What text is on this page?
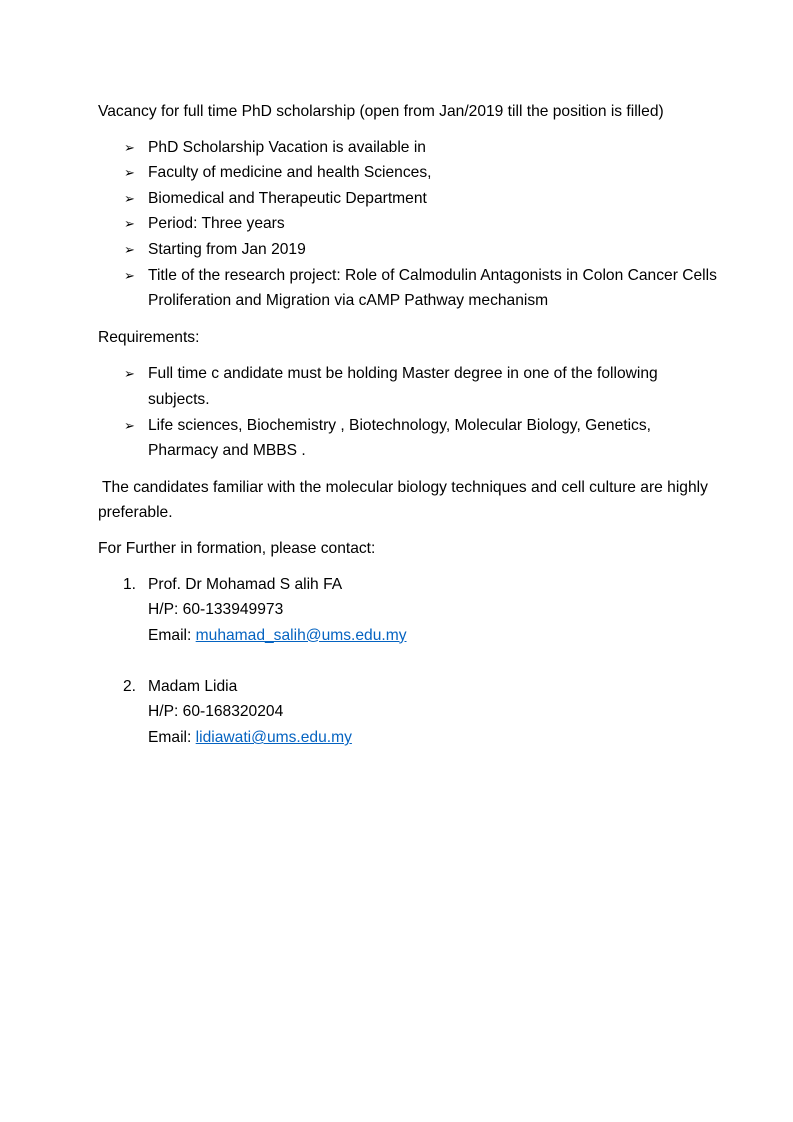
Vacancy for full time PhD scholarship (open from Jan/2019 till the position is filled)

➢ PhD Scholarship Vacation is available in
➢ Faculty of medicine and health Sciences,
➢ Biomedical and Therapeutic Department
➢ Period: Three years
➢ Starting from Jan 2019
➢ Title of the research project: Role of Calmodulin Antagonists in Colon Cancer Cells Proliferation and Migration via cAMP Pathway mechanism

Requirements:

➢ Full time c andidate must be holding Master degree in one of the following subjects.
➢ Life sciences, Biochemistry , Biotechnology, Molecular Biology, Genetics, Pharmacy and MBBS .

The candidates familiar with the molecular biology techniques and cell culture are highly preferable.

For Further in formation, please contact:

1. Prof. Dr Mohamad S alih FA
H/P: 60-133949973
Email: muhamad_salih@ums.edu.my
2. Madam Lidia
H/P: 60-168320204
Email: lidiawati@ums.edu.my
